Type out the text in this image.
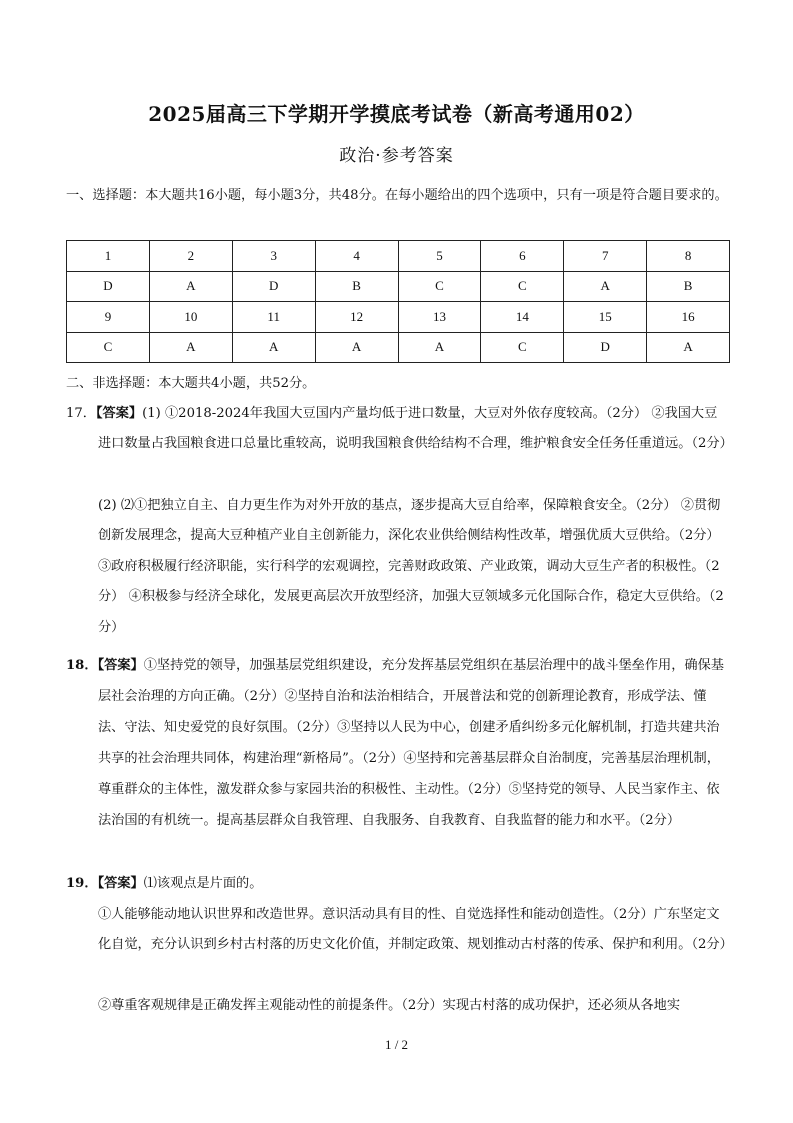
2025届高三下学期开学摸底考试卷（新高考通用02）
政治·参考答案

一、选择题：本大题共16小题，每小题3分，共48分。在每小题给出的四个选项中，只有一项是符合题目要求的。

1	2	3	4	5	6	7	8
D	A	D	B	C	C	A	B
9	10	11	12	13	14	15	16
C	A	A	A	A	C	D	A

二、非选择题：本大题共4小题，共52分。

17．【答案】(1) ①2018-2024年我国大豆国内产量均低于进口数量，大豆对外依存度较高。（2分） ②我国大豆进口数量占我国粮食进口总量比重较高，说明我国粮食供给结构不合理，维护粮食安全任务任重道远。（2分）

(2) ⑵①把独立自主、自力更生作为对外开放的基点，逐步提高大豆自给率，保障粮食安全。（2分） ②贯彻创新发展理念，提高大豆种植产业自主创新能力，深化农业供给侧结构性改革，增强优质大豆供给。（2分）③政府积极履行经济职能，实行科学的宏观调控，完善财政政策、产业政策，调动大豆生产者的积极性。（2分） ④积极参与经济全球化，发展更高层次开放型经济，加强大豆领域多元化国际合作，稳定大豆供给。（2分）

18．【答案】①坚持党的领导，加强基层党组织建设，充分发挥基层党组织在基层治理中的战斗堡垒作用，确保基层社会治理的方向正确。（2分）②坚持自治和法治相结合，开展普法和党的创新理论教育，形成学法、懂法、守法、知史爱党的良好氛围。（2分）③坚持以人民为中心，创建矛盾纠纷多元化解机制，打造共建共治共享的社会治理共同体，构建治理“新格局”。（2分）④坚持和完善基层群众自治制度，完善基层治理机制，尊重群众的主体性，激发群众参与家园共治的积极性、主动性。（2分）⑤坚持党的领导、人民当家作主、依法治国的有机统一。提高基层群众自我管理、自我服务、自我教育、自我监督的能力和水平。（2分）
19．【答案】⑴该观点是片面的。

①人能够能动地认识世界和改造世界。意识活动具有目的性、自觉选择性和能动创造性。（2分）广东坚定文化自觉，充分认识到乡村古村落的历史文化价值，并制定政策、规划推动古村落的传承、保护和利用。（2分）

②尊重客观规律是正确发挥主观能动性的前提条件。（2分）实现古村落的成功保护，还必须从各地实

1 / 2
